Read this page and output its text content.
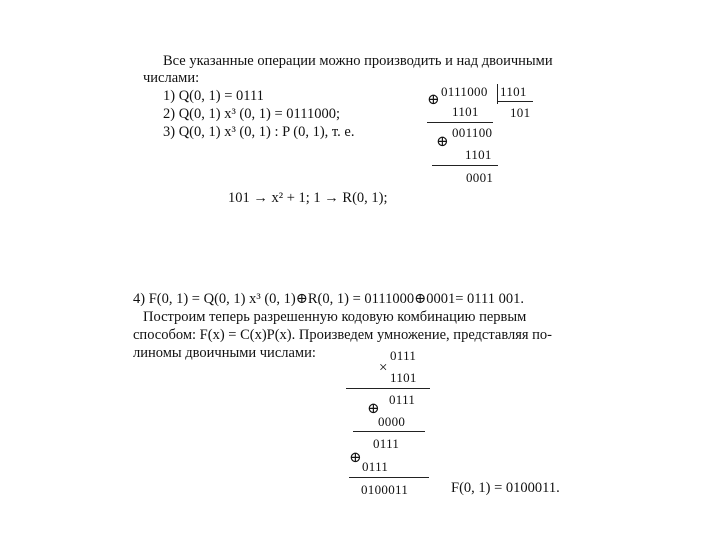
Все указанные операции можно производить и над двоичными
числами:
1) Q(0, 1) = 0111
2) Q(0, 1) x³ (0, 1) = 0111000;
3) Q(0, 1) x³ (0, 1) : P (0, 1), т. е.
101 → x² + 1; 1 → R(0, 1);
⊕
0111000 1101
1101 101
001100
⊕
1101
0001
4) F(0, 1) = Q(0, 1) x³ (0, 1)⊕R(0, 1) = 0111000⊕0001= 0111 001.
Построим теперь разрешенную кодовую комбинацию первым
способом: F(x) = C(x)P(x). Произведем умножение, представляя по-
линомы двоичными числами:	0111
×
1101
0111
⊕
0000
0111
⊕
0111
0100011	F(0, 1) = 0100011.
